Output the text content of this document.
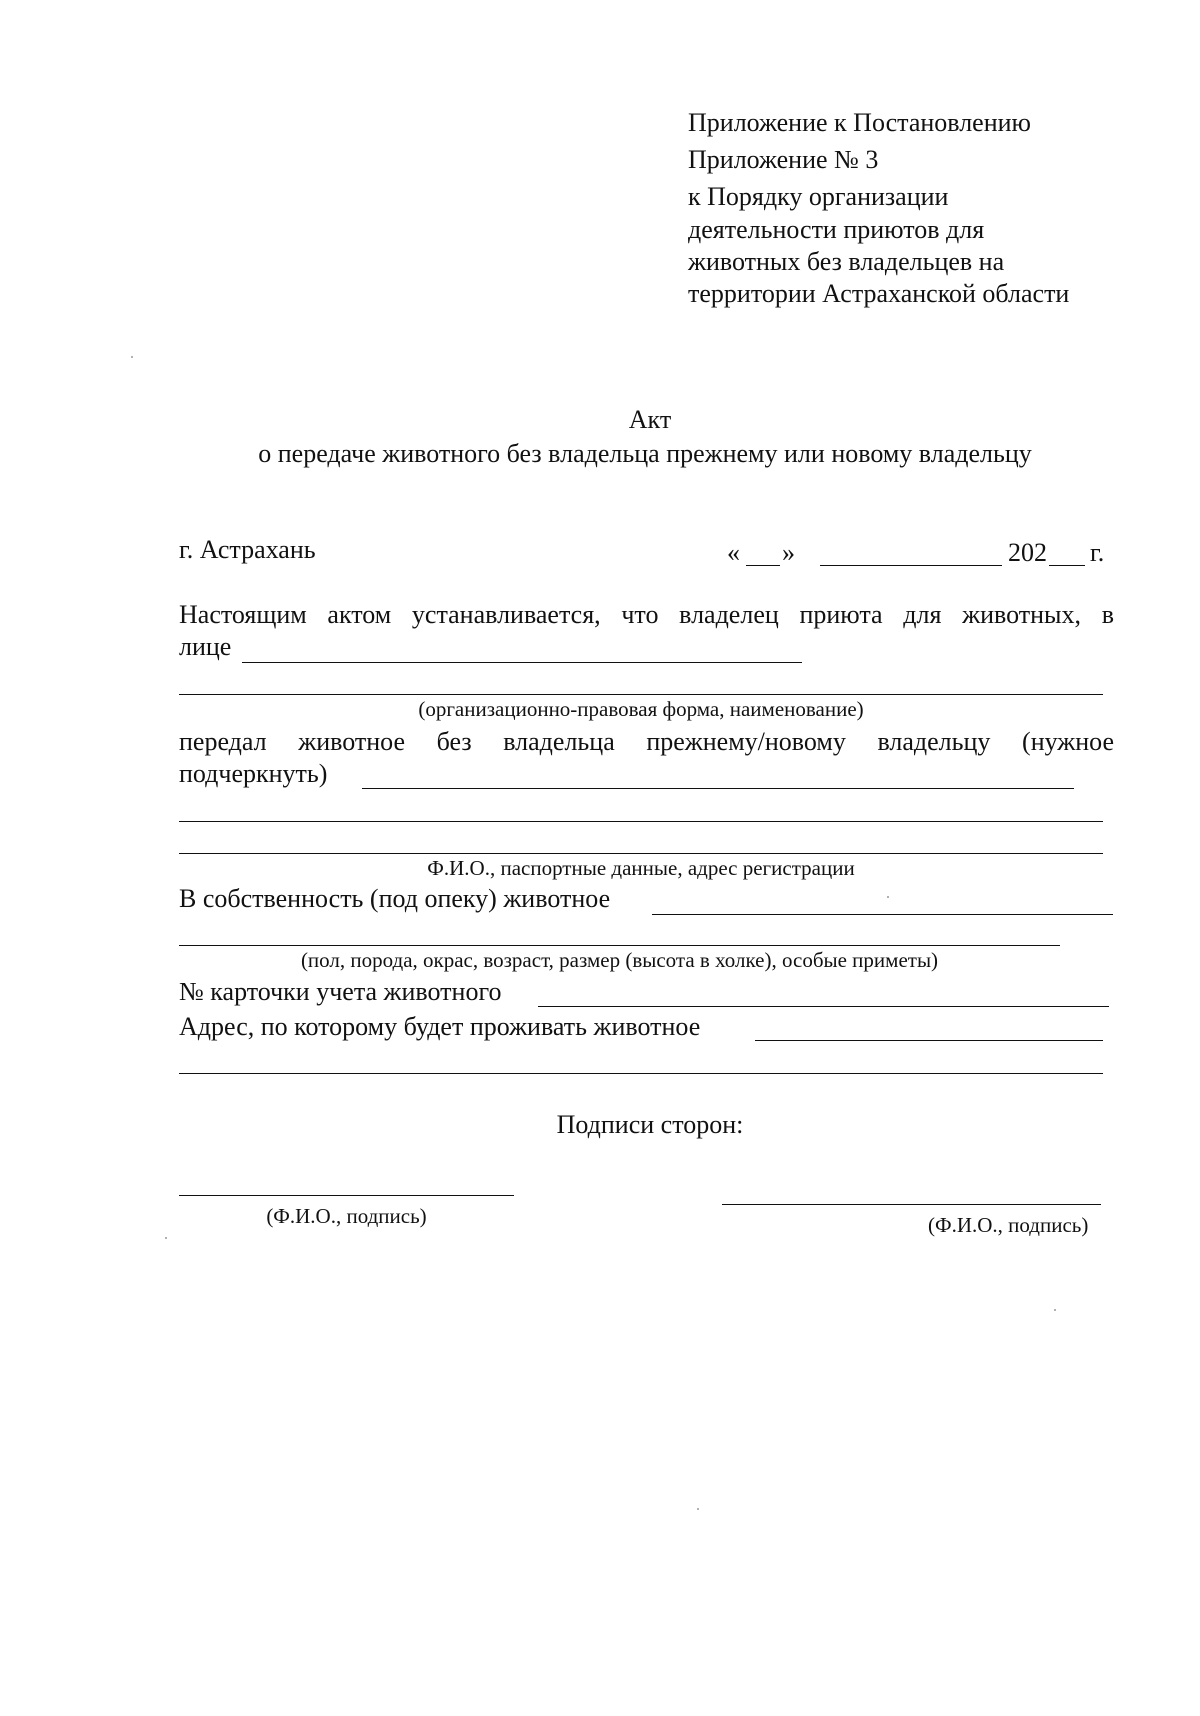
Приложение к Постановлению
Приложение № 3
к Порядку организации
деятельности приютов для
животных без владельцев на
территории Астраханской области
Акт
о передаче животного без владельца прежнему или новому владельцу
г. Астрахань	« »	202 г.
Настоящим актом устанавливается, что владелец приюта для животных, в
лице
(организационно-правовая форма, наименование)
передал животное без владельца прежнему/новому владельцу (нужное
подчеркнуть)
Ф.И.О., паспортные данные, адрес регистрации
В собственность (под опеку) животное
(пол, порода, окрас, возраст, размер (высота в холке), особые приметы)
№ карточки учета животного
Адрес, по которому будет проживать животное
Подписи сторон:
(Ф.И.О., подпись)	(Ф.И.О., подпись)
